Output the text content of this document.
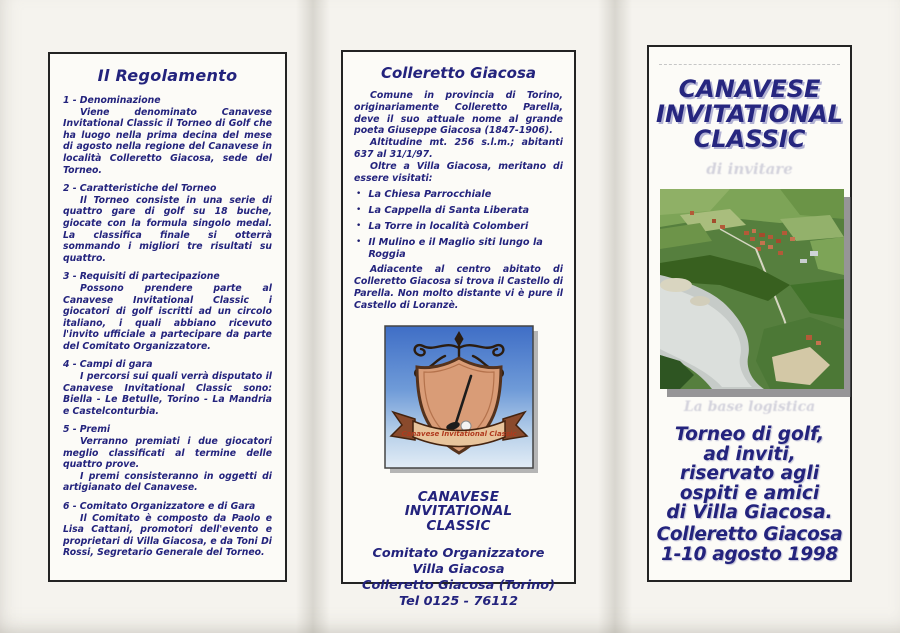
Il Regolamento
1 - Denominazione
Viene denominato Canavese Invitational Classic il Torneo di Golf che ha luogo nella prima decina del mese di agosto nella regione del Canavese in località Colleretto Giacosa, sede del Torneo.
2 - Caratteristiche del Torneo
Il Torneo consiste in una serie di quattro gare di golf su 18 buche, giocate con la formula singolo medal. La classifica finale si otterrà sommando i migliori tre risultati su quattro.
3 - Requisiti di partecipazione
Possono prendere parte al Canavese Invitational Classic i giocatori di golf iscritti ad un circolo italiano, i quali abbiano ricevuto l'invito ufficiale a partecipare da parte del Comitato Organizzatore.
4 - Campi di gara
I percorsi sui quali verrà disputato il Canavese Invitational Classic sono: Biella - Le Betulle, Torino - La Mandria e Castelconturbia.
5 - Premi
Verranno premiati i due giocatori meglio classificati al termine delle quattro prove.
I premi consisteranno in oggetti di artigianato del Canavese.
6 - Comitato Organizzatore e di Gara
Il Comitato è composto da Paolo e Lisa Cattani, promotori dell'evento e proprietari di Villa Giacosa, e da Toni Di Rossi, Segretario Generale del Torneo.
Colleretto Giacosa
Comune in provincia di Torino, originariamente Colleretto Parella, deve il suo attuale nome al grande poeta Giuseppe Giacosa (1847-1906).
Altitudine mt. 256 s.l.m.; abitanti 637 al 31/1/97.
Oltre a Villa Giacosa, meritano di essere visitati:
• La Chiesa Parrocchiale
• La Cappella di Santa Liberata
• La Torre in località Colomberi
• Il Mulino e il Maglio siti lungo la Roggia
Adiacente al centro abitato di Colleretto Giacosa si trova il Castello di Parella. Non molto distante vi è pure il Castello di Loranzè.
Canavese Invitational Classic
CANAVESE
INVITATIONAL
CLASSIC
Comitato Organizzatore
Villa Giacosa
Colleretto Giacosa (Torino)
Tel 0125 - 76112
CANAVESE
INVITATIONAL
CLASSIC
di invitare
La base logistica
Torneo di golf,
ad inviti,
riservato agli
ospiti e amici
di Villa Giacosa.
Colleretto Giacosa
1-10 agosto 1998
